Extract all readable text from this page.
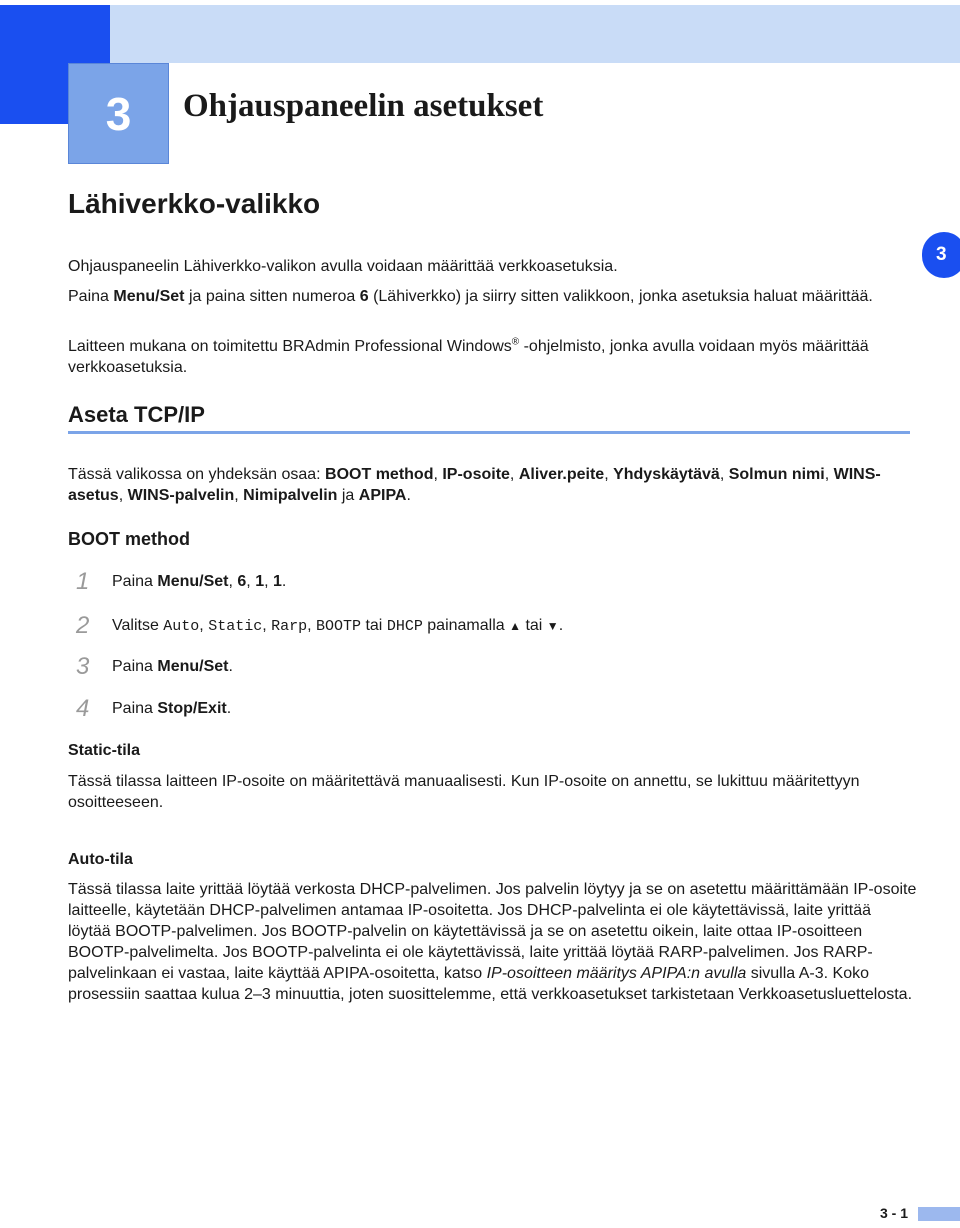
3	Ohjauspaneelin asetukset
3
Lähiverkko-valikko

Ohjauspaneelin Lähiverkko-valikon avulla voidaan määrittää verkkoasetuksia.

Paina Menu/Set ja paina sitten numeroa 6 (Lähiverkko) ja siirry sitten valikkoon, jonka asetuksia haluat määrittää.

Laitteen mukana on toimitettu BRAdmin Professional Windows® -ohjelmisto, jonka avulla voidaan myös määrittää verkkoasetuksia.

Aseta TCP/IP

Tässä valikossa on yhdeksän osaa: BOOT method, IP-osoite, Aliver.peite, Yhdyskäytävä, Solmun nimi, WINS-asetus, WINS-palvelin, Nimipalvelin ja APIPA.

BOOT method
1	Paina Menu/Set, 6, 1, 1.
2	Valitse Auto, Static, Rarp, BOOTP tai DHCP painamalla ▲ tai ▼.
3	Paina Menu/Set.
4	Paina Stop/Exit.
Static-tila

Tässä tilassa laitteen IP-osoite on määritettävä manuaalisesti. Kun IP-osoite on annettu, se lukittuu määritettyyn osoitteeseen.

Auto-tila

Tässä tilassa laite yrittää löytää verkosta DHCP-palvelimen. Jos palvelin löytyy ja se on asetettu määrittämään IP-osoite laitteelle, käytetään DHCP-palvelimen antamaa IP-osoitetta. Jos DHCP-palvelinta ei ole käytettävissä, laite yrittää löytää BOOTP-palvelimen. Jos BOOTP-palvelin on käytettävissä ja se on asetettu oikein, laite ottaa IP-osoitteen BOOTP-palvelimelta. Jos BOOTP-palvelinta ei ole käytettävissä, laite yrittää löytää RARP-palvelimen. Jos RARP-palvelinkaan ei vastaa, laite käyttää APIPA-osoitetta, katso IP-osoitteen määritys APIPA:n avulla sivulla A-3. Koko prosessiin saattaa kulua 2–3 minuuttia, joten suosittelemme, että verkkoasetukset tarkistetaan Verkkoasetusluettelosta.

3 - 1
